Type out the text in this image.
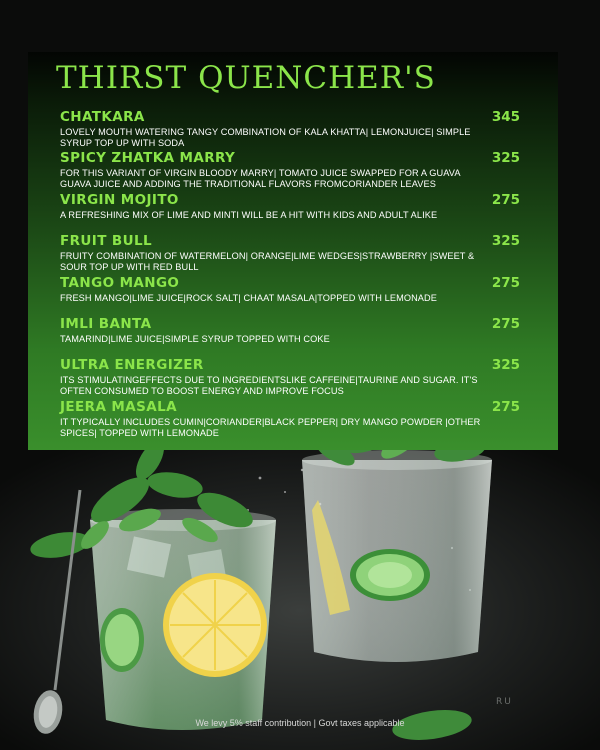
THIRST QUENCHER'S
CHATKARA	345
LOVELY MOUTH WATERING TANGY COMBINATION OF KALA KHATTA| LEMONJUICE| SIMPLE SYRUP TOP UP WITH SODA
SPICY ZHATKA MARRY	325
FOR THIS VARIANT OF VIRGIN BLOODY MARRY| TOMATO JUICE SWAPPED FOR A GUAVA GUAVA JUICE AND ADDING THE TRADITIONAL FLAVORS FROMCORIANDER LEAVES
VIRGIN MOJITO	275
A REFRESHING MIX OF LIME AND MINTI WILL BE A HIT WITH KIDS AND ADULT ALIKE
FRUIT BULL	325
FRUITY COMBINATION OF WATERMELON| ORANGE|LIME WEDGES|STRAWBERRY |SWEET & SOUR TOP UP WITH RED BULL
TANGO MANGO	275
FRESH MANGO|LIME JUICE|ROCK SALT| CHAAT MASALA|TOPPED WITH LEMONADE
IMLI BANTA	275
TAMARIND|LIME JUICE|SIMPLE SYRUP TOPPED WITH COKE
ULTRA ENERGIZER	325
ITS STIMULATINGEFFECTS DUE TO INGREDIENTSLIKE CAFFEINE|TAURINE AND SUGAR. IT'S OFTEN CONSUMED TO BOOST ENERGY AND IMPROVE FOCUS
JEERA MASALA	275
IT TYPICALLY INCLUDES CUMIN|CORIANDER|BLACK PEPPER| DRY MANGO POWDER |OTHER SPICES| TOPPED WITH LEMONADE
RU
We levy 5% staff contribution | Govt taxes applicable
